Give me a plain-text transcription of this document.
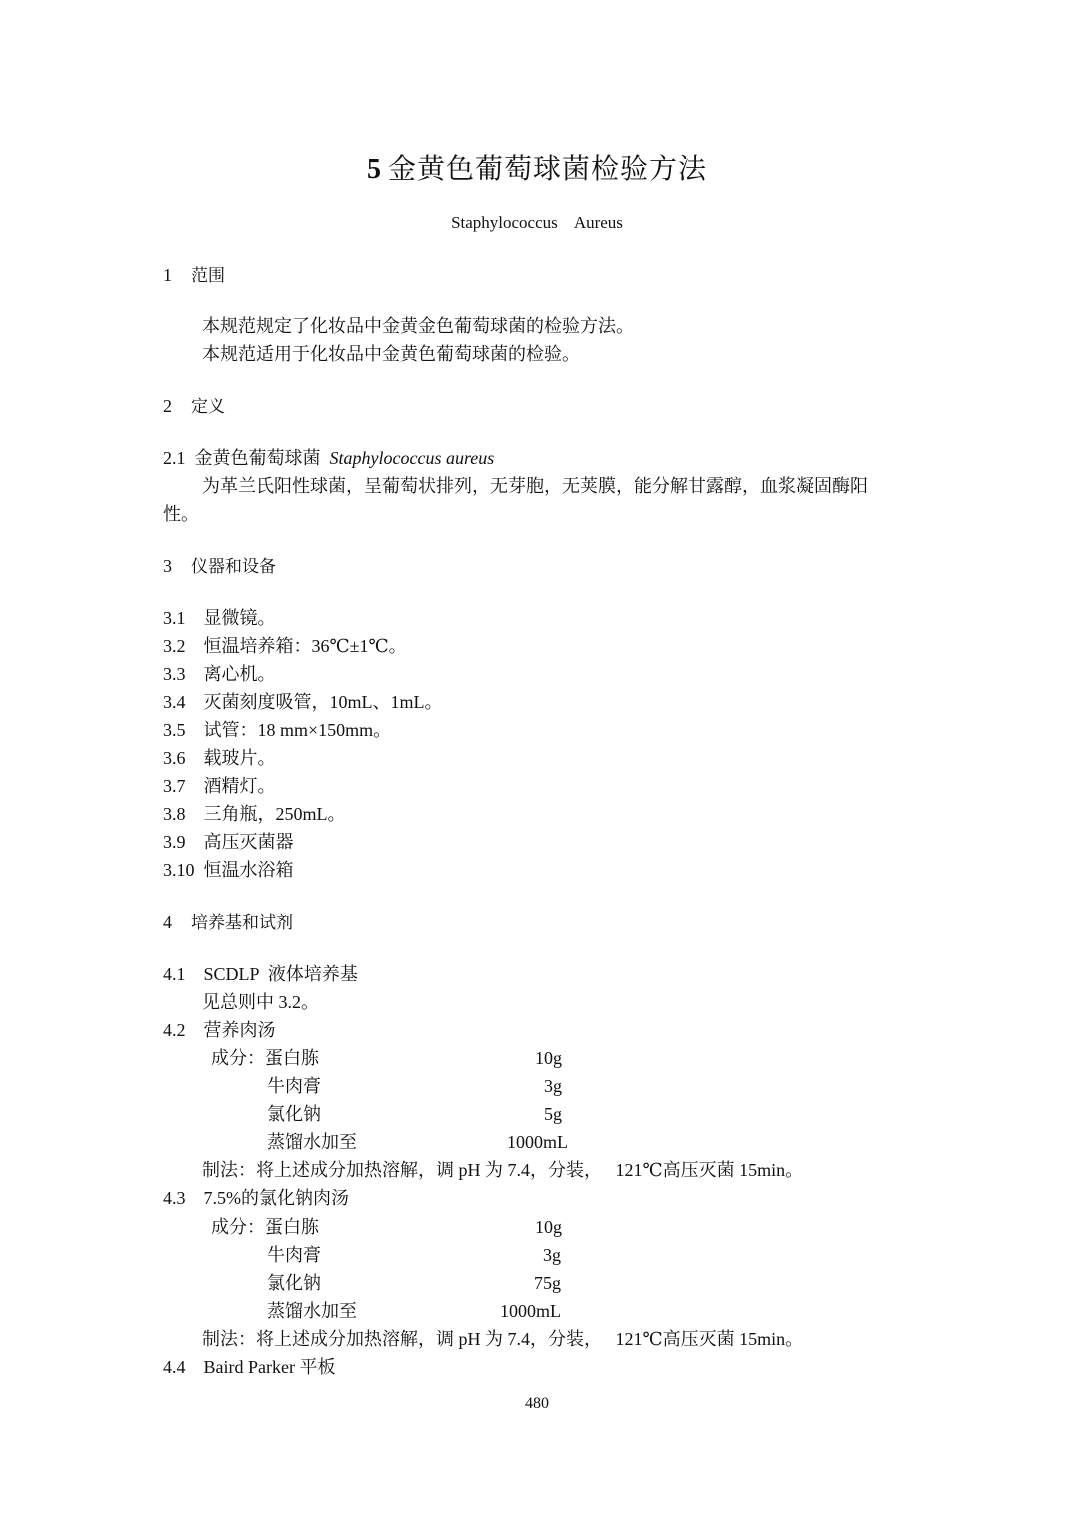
5 金黄色葡萄球菌检验方法
Staphylococcus    Aureus
1 范围
本规范规定了化妆品中金黄金色葡萄球菌的检验方法。
本规范适用于化妆品中金黄色葡萄球菌的检验。
2 定义
2.1  金黄色葡萄球菌 Staphylococcus aureus
为革兰氏阳性球菌，呈葡萄状排列，无芽胞，无荚膜，能分解甘露醇，血浆凝固酶阳
性。
3 仪器和设备
3.1    显微镜。
3.2    恒温培养箱：36℃±1℃。
3.3    离心机。
3.4    灭菌刻度吸管，10mL、1mL。
3.5    试管：18 mm×150mm。
3.6    载玻片。
3.7    酒精灯。
3.8    三角瓶，250mL。
3.9    高压灭菌器
3.10  恒温水浴箱
4 培养基和试剂
4.1    SCDLP  液体培养基
见总则中 3.2。
4.2    营养肉汤
成分：蛋白胨	10g
牛肉膏	3g
氯化钠	5g
蒸馏水加至	1000mL
制法：将上述成分加热溶解，调 pH 为 7.4，分装，   121℃高压灭菌 15min。
4.3    7.5%的氯化钠肉汤
成分：蛋白胨	10g
牛肉膏	3g
氯化钠	75g
蒸馏水加至	1000mL
制法：将上述成分加热溶解，调 pH 为 7.4，分装，   121℃高压灭菌 15min。
4.4    Baird Parker 平板
480
